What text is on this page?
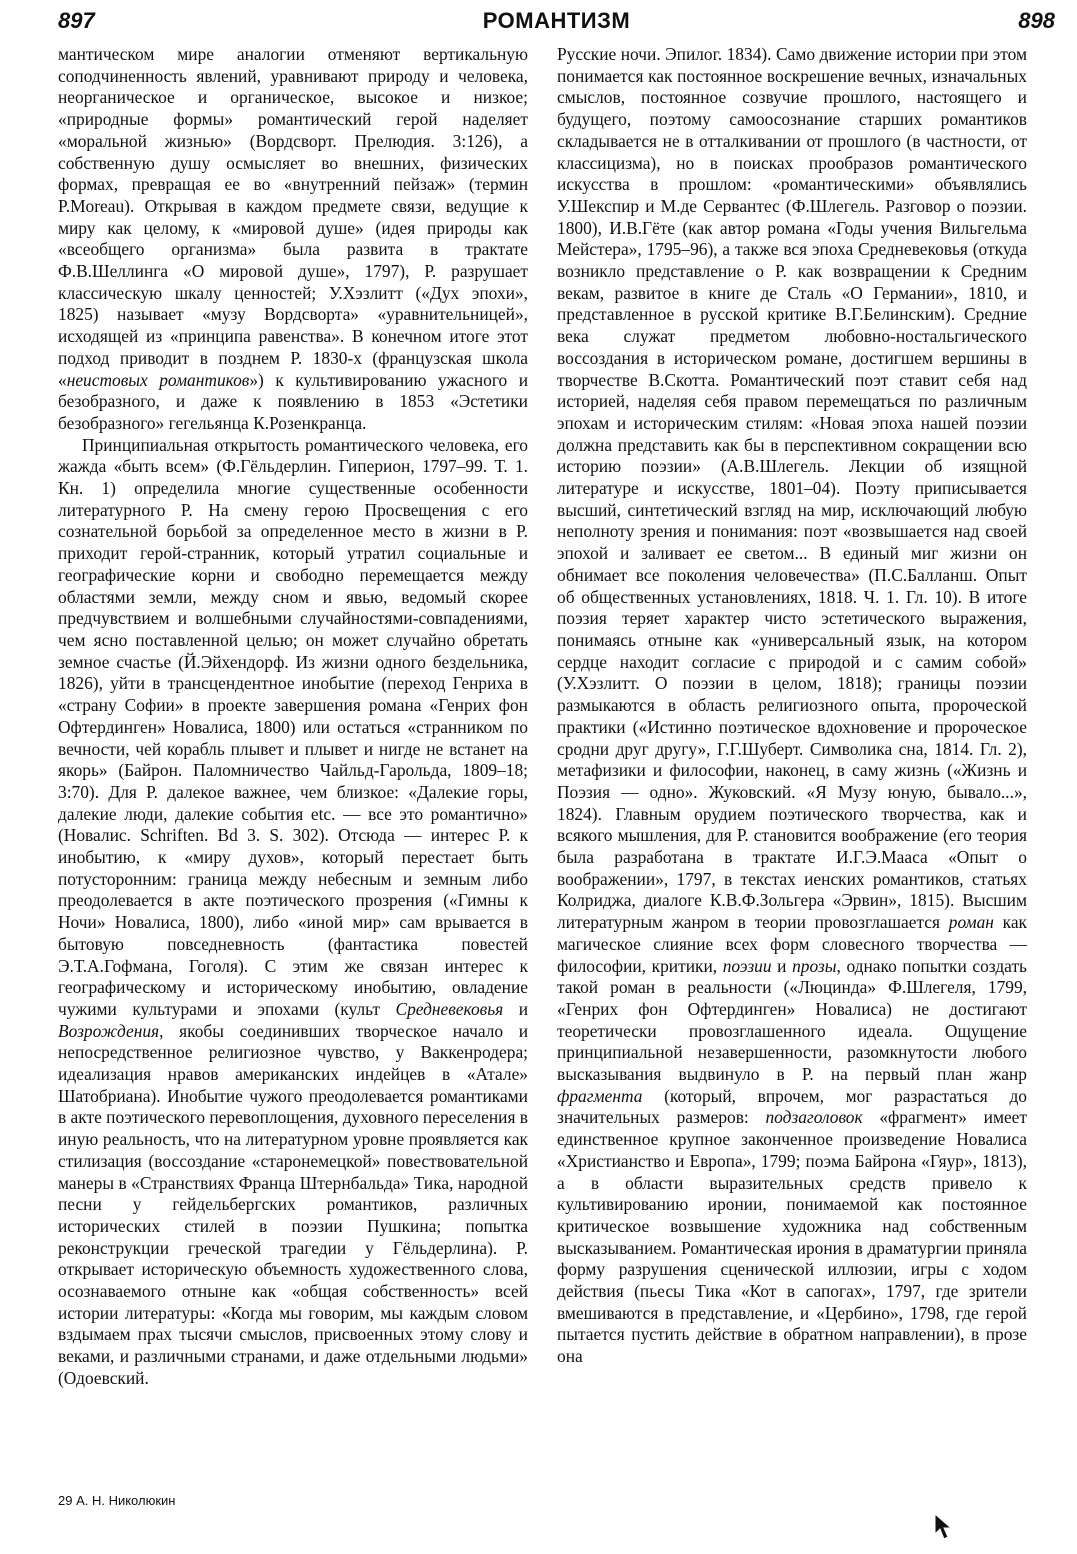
897	РОМАНТИЗМ	898

мантическом мире аналогии отменяют вертикальную соподчиненность явлений, уравнивают природу и человека, неорганическое и органическое, высокое и низкое; «природные формы» романтический герой наделяет «моральной жизнью» (Вордсворт. Прелюдия. 3:126), а собственную душу осмысляет во внешних, физических формах, превращая ее во «внутренний пейзаж» (термин P.Moreau). Открывая в каждом предмете связи, ведущие к миру как целому, к «мировой душе» (идея природы как «всеобщего организма» была развита в трактате Ф.В.Шеллинга «О мировой душе», 1797), Р. разрушает классическую шкалу ценностей; У.Хэзлитт («Дух эпохи», 1825) называет «музу Вордсворта» «уравнительницей», исходящей из «принципа равенства». В конечном итоге этот подход приводит в позднем Р. 1830-х (французская школа «неистовых романтиков») к культивированию ужасного и безобразного, и даже к появлению в 1853 «Эстетики безобразного» гегельянца К.Розенкранца.

Принципиальная открытость романтического человека, его жажда «быть всем» (Ф.Гёльдерлин. Гиперион, 1797–99. Т. 1. Кн. 1) определила многие существенные особенности литературного Р. На смену герою Просвещения с его сознательной борьбой за определенное место в жизни в Р. приходит герой-странник, который утратил социальные и географические корни и свободно перемещается между областями земли, между сном и явью, ведомый скорее предчувствием и волшебными случайностями-совпадениями, чем ясно поставленной целью; он может случайно обретать земное счастье (Й.Эйхендорф. Из жизни одного бездельника, 1826), уйти в трансцендентное инобытие (переход Генриха в «страну Софии» в проекте завершения романа «Генрих фон Офтердинген» Новалиса, 1800) или остаться «странником по вечности, чей корабль плывет и плывет и нигде не встанет на якорь» (Байрон. Паломничество Чайльд-Гарольда, 1809–18; 3:70). Для Р. далекое важнее, чем близкое: «Далекие горы, далекие люди, далекие события etc. — все это романтично» (Новалис. Schriften. Bd 3. S. 302). Отсюда — интерес Р. к инобытию, к «миру духов», который перестает быть потусторонним: граница между небесным и земным либо преодолевается в акте поэтического прозрения («Гимны к Ночи» Новалиса, 1800), либо «иной мир» сам врывается в бытовую повседневность (фантастика повестей Э.Т.А.Гофмана, Гоголя). С этим же связан интерес к географическому и историческому инобытию, овладение чужими культурами и эпохами (культ Средневековья и Возрождения, якобы соединивших творческое начало и непосредственное религиозное чувство, у Ваккенродера; идеализация нравов американских индейцев в «Атале» Шатобриана). Инобытие чужого преодолевается романтиками в акте поэтического перевоплощения, духовного переселения в иную реальность, что на литературном уровне проявляется как стилизация (воссоздание «старонемецкой» повествовательной манеры в «Странствиях Франца Штернбальда» Тика, народной песни у гейдельбергских романтиков, различных исторических стилей в поэзии Пушкина; попытка реконструкции греческой трагедии у Гёльдерлина). Р. открывает историческую объемность художественного слова, осознаваемого отныне как «общая собственность» всей истории литературы: «Когда мы говорим, мы каждым словом вздымаем прах тысячи смыслов, присвоенных этому слову и веками, и различными странами, и даже отдельными людьми» (Одоевский.

Русские ночи. Эпилог. 1834). Само движение истории при этом понимается как постоянное воскрешение вечных, изначальных смыслов, постоянное созвучие прошлого, настоящего и будущего, поэтому самоосознание старших романтиков складывается не в отталкивании от прошлого (в частности, от классицизма), но в поисках прообразов романтического искусства в прошлом: «романтическими» объявлялись У.Шекспир и М.де Сервантес (Ф.Шлегель. Разговор о поэзии. 1800), И.В.Гёте (как автор романа «Годы учения Вильгельма Мейстера», 1795–96), а также вся эпоха Средневековья (откуда возникло представление о Р. как возвращении к Средним векам, развитое в книге де Сталь «О Германии», 1810, и представленное в русской критике В.Г.Белинским). Средние века служат предметом любовно-ностальгического воссоздания в историческом романе, достигшем вершины в творчестве В.Скотта. Романтический поэт ставит себя над историей, наделяя себя правом перемещаться по различным эпохам и историческим стилям: «Новая эпоха нашей поэзии должна представить как бы в перспективном сокращении всю историю поэзии» (А.В.Шлегель. Лекции об изящной литературе и искусстве, 1801–04). Поэту приписывается высший, синтетический взгляд на мир, исключающий любую неполноту зрения и понимания: поэт «возвышается над своей эпохой и заливает ее светом... В единый миг жизни он обнимает все поколения человечества» (П.С.Балланш. Опыт об общественных установлениях, 1818. Ч. 1. Гл. 10). В итоге поэзия теряет характер чисто эстетического выражения, понимаясь отныне как «универсальный язык, на котором сердце находит согласие с природой и с самим собой» (У.Хэзлитт. О поэзии в целом, 1818); границы поэзии размыкаются в область религиозного опыта, пророческой практики («Истинно поэтическое вдохновение и пророческое сродни друг другу», Г.Г.Шуберт. Символика сна, 1814. Гл. 2), метафизики и философии, наконец, в саму жизнь («Жизнь и Поэзия — одно». Жуковский. «Я Музу юную, бывало...», 1824). Главным орудием поэтического творчества, как и всякого мышления, для Р. становится воображение (его теория была разработана в трактате И.Г.Э.Мааса «Опыт о воображении», 1797, в текстах иенских романтиков, статьях Колриджа, диалоге К.В.Ф.Зольгера «Эрвин», 1815). Высшим литературным жанром в теории провозглашается роман как магическое слияние всех форм словесного творчества — философии, критики, поэзии и прозы, однако попытки создать такой роман в реальности («Люцинда» Ф.Шлегеля, 1799, «Генрих фон Офтердинген» Новалиса) не достигают теоретически провозглашенного идеала. Ощущение принципиальной незавершенности, разомкнутости любого высказывания выдвинуло в Р. на первый план жанр фрагмента (который, впрочем, мог разрастаться до значительных размеров: подзаголовок «фрагмент» имеет единственное крупное законченное произведение Новалиса «Христианство и Европа», 1799; поэма Байрона «Гяур», 1813), а в области выразительных средств привело к культивированию иронии, понимаемой как постоянное критическое возвышение художника над собственным высказыванием. Романтическая ирония в драматургии приняла форму разрушения сценической иллюзии, игры с ходом действия (пьесы Тика «Кот в сапогах», 1797, где зрители вмешиваются в представление, и «Цербино», 1798, где герой пытается пустить действие в обратном направлении), в прозе она

29 А. Н. Николюкин
